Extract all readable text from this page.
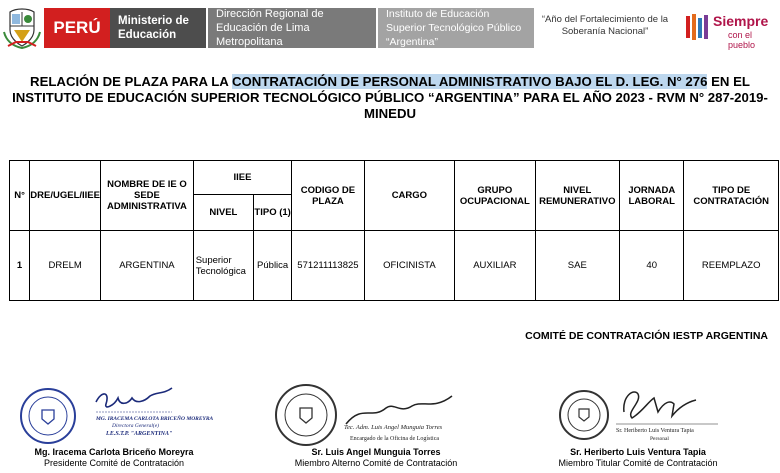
PERÚ	Ministerio de Educación
Dirección Regional de Educación de Lima Metropolitana
Instituto de Educación Superior Tecnológico Público “Argentina”
“Año del Fortalecimiento de la Soberanía Nacional”
Siempre
con el pueblo
RELACIÓN DE PLAZA PARA LA CONTRATACIÓN DE PERSONAL ADMINISTRATIVO BAJO EL D. LEG. N° 276 EN EL INSTITUTO DE EDUCACIÓN SUPERIOR TECNOLÓGICO PÚBLICO “ARGENTINA” PARA EL AÑO 2023 - RVM N° 287-2019-MINEDU
N°	DRE/UGEL/IIEE	NOMBRE DE IE O SEDE ADMINISTRATIVA	IIEE		CODIGO DE PLAZA	CARGO	GRUPO OCUPACIONAL	NIVEL REMUNERATIVO	JORNADA LABORAL	TIPO DE CONTRATACIÓN
			NIVEL	TIPO (1)						
1	DRELM	ARGENTINA	Superior Tecnológica	Pública	571211113825	OFICINISTA	AUXILIAR	SAE	40	REEMPLAZO
COMITÉ DE CONTRATACIÓN IESTP ARGENTINA
MG. IRACEMA CARLOTA BRICEÑO MOREYRA
Directora General(e)
I.E.S.T.P. "ARGENTINA"
Mg. Iracema Carlota Briceño Moreyra
Presidente Comité de Contratación
Tec. Adm. Luis Angel Munguia Torres
Encargado de la Oficina de Logística
Sr. Luis Angel Munguia Torres
Miembro Alterno Comité de Contratación
Sr. Heriberto Luis Ventura Tapia
Personal
Sr. Heriberto Luis Ventura Tapia
Miembro Titular Comité de Contratación
